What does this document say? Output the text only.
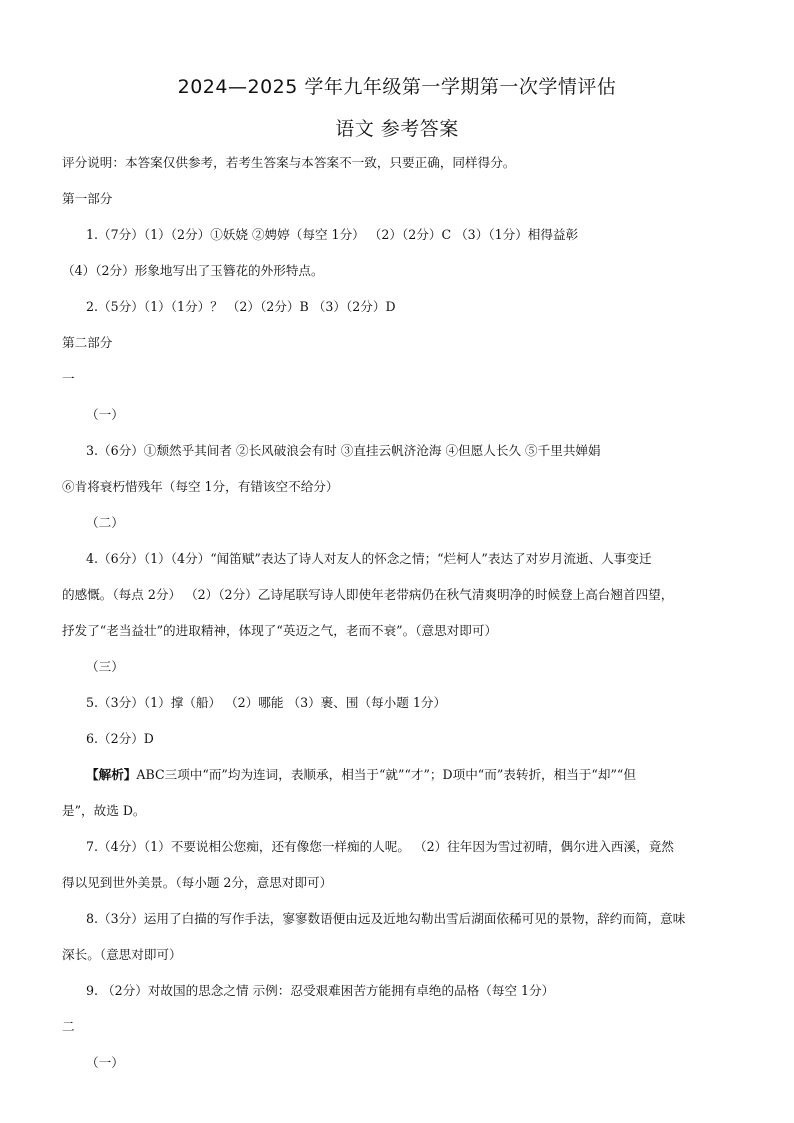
2024—2025 学年九年级第一学期第一次学情评估
语文 参考答案
评分说明：本答案仅供参考，若考生答案与本答案不一致，只要正确，同样得分。
第一部分
1.（7分）（1）（2分）①妖娆 ②娉婷（每空 1分） （2）（2分）C （3）（1分）相得益彰
（4）（2分）形象地写出了玉簪花的外形特点。
2.（5分）（1）（1分）？ （2）（2分）B （3）（2分）D
第二部分
一
（一）
3.（6分）①颓然乎其间者 ②长风破浪会有时 ③直挂云帆济沧海 ④但愿人长久 ⑤千里共婵娟
⑥肯将衰朽惜残年（每空 1分，有错该空不给分）
（二）
4.（6分）（1）（4分）“闻笛赋”表达了诗人对友人的怀念之情；“烂柯人”表达了对岁月流逝、人事变迁
的感慨。（每点 2分） （2）（2分）乙诗尾联写诗人即使年老带病仍在秋气清爽明净的时候登上高台翘首四望，
抒发了“老当益壮”的进取精神，体现了“英迈之气，老而不衰”。（意思对即可）
（三）
5.（3分）（1）撑（船） （2）哪能 （3）裹、围（每小题 1分）
6.（2分）D
【解析】ABC三项中“而”均为连词，表顺承，相当于“就”“才”；D项中“而”表转折，相当于“却”“但
是”，故选 D。
7.（4分）（1）不要说相公您痴，还有像您一样痴的人呢。 （2）往年因为雪过初晴，偶尔进入西溪，竟然
得以见到世外美景。（每小题 2分，意思对即可）
8.（3分）运用了白描的写作手法，寥寥数语便由远及近地勾勒出雪后湖面依稀可见的景物，辞约而简，意味
深长。（意思对即可）
9. （2分）对故国的思念之情 示例：忍受艰难困苦方能拥有卓绝的品格（每空 1分）
二
（一）
